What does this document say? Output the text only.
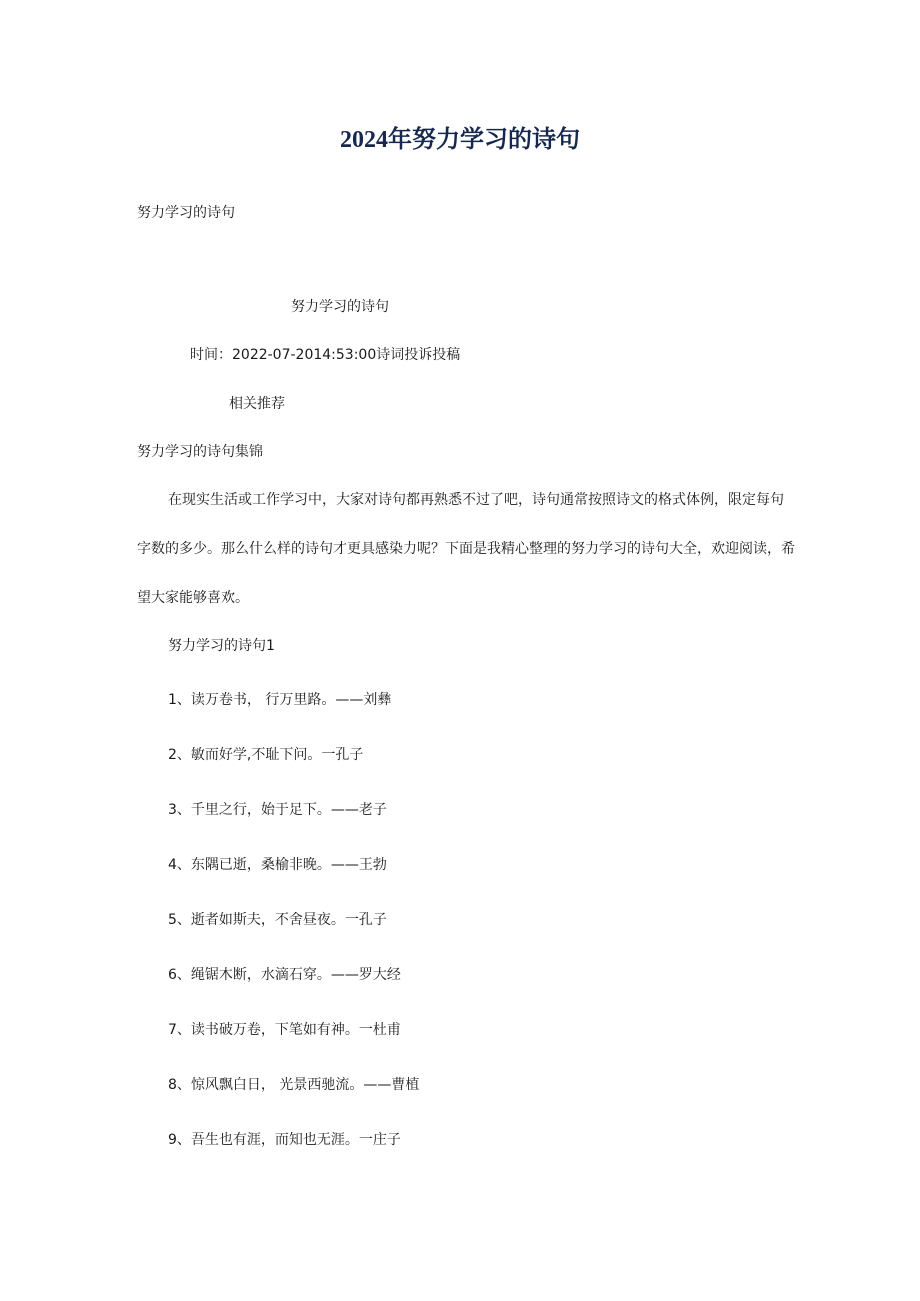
2024年努力学习的诗句
努力学习的诗句
努力学习的诗句
时间：2022-07-2014:53:00诗词投诉投稿
相关推荐
努力学习的诗句集锦
在现实生活或工作学习中，大家对诗句都再熟悉不过了吧，诗句通常按照诗文的格式体例，限定每句
字数的多少。那么什么样的诗句才更具感染力呢？下面是我精心整理的努力学习的诗句大全，欢迎阅读，希
望大家能够喜欢。
努力学习的诗句1
1、读万卷书， 行万里路。——刘彝
2、敏而好学,不耻下问。一孔子
3、千里之行，始于足下。——老子
4、东隅已逝，桑榆非晚。——王勃
5、逝者如斯夫，不舍昼夜。一孔子
6、绳锯木断，水滴石穿。——罗大经
7、读书破万卷，下笔如有神。一杜甫
8、惊风飘白日， 光景西驰流。——曹植
9、吾生也有涯，而知也无涯。一庄子
